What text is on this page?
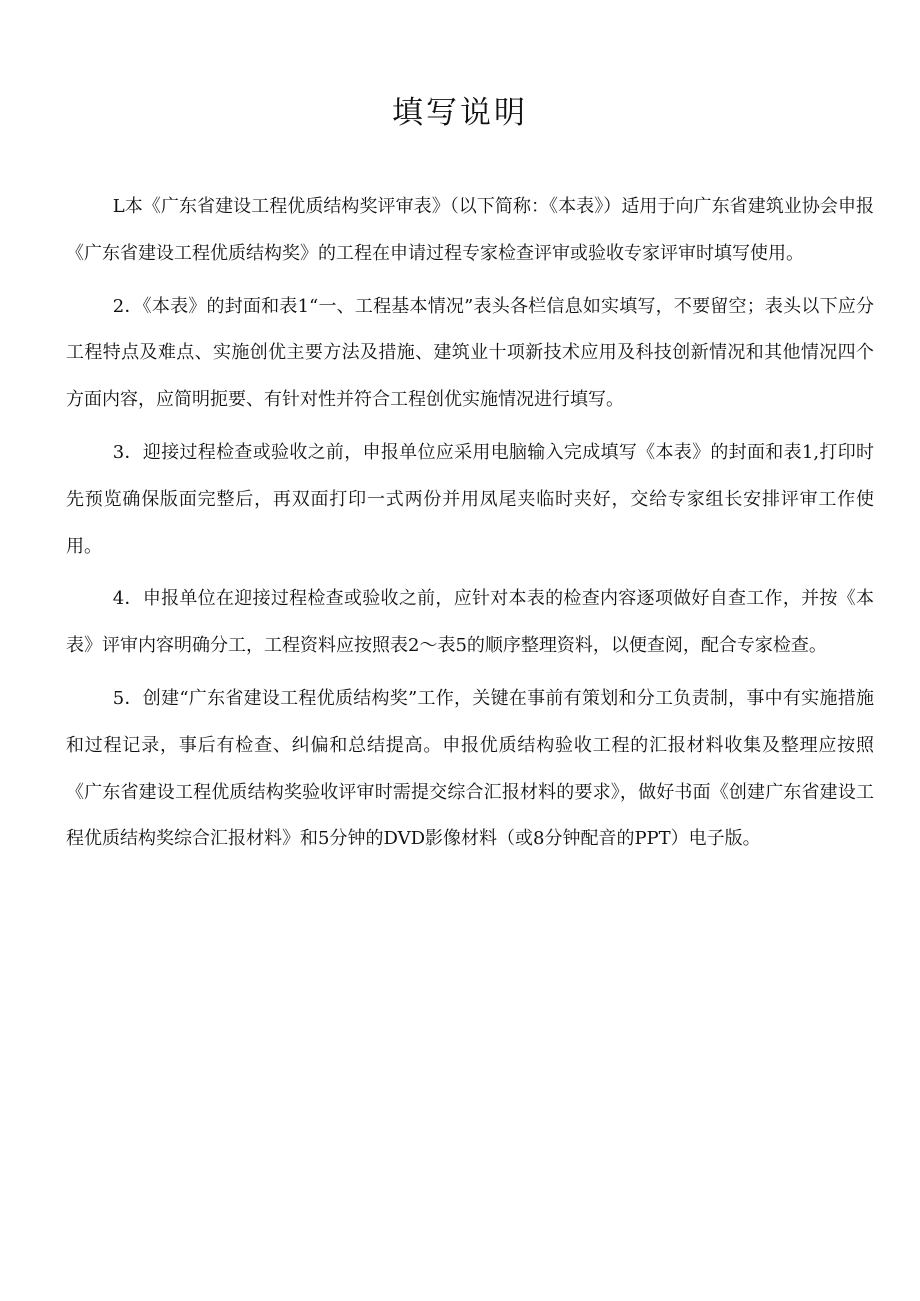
填写说明

L本《广东省建设工程优质结构奖评审表》（以下简称：《本表》）适用于向广东省建筑业协会申报《广东省建设工程优质结构奖》的工程在申请过程专家检查评审或验收专家评审时填写使用。

2．《本表》的封面和表1“一、工程基本情况”表头各栏信息如实填写，不要留空；表头以下应分工程特点及难点、实施创优主要方法及措施、建筑业十项新技术应用及科技创新情况和其他情况四个方面内容，应简明扼要、有针对性并符合工程创优实施情况进行填写。

3．迎接过程检查或验收之前，申报单位应采用电脑输入完成填写《本表》的封面和表1,打印时先预览确保版面完整后，再双面打印一式两份并用凤尾夹临时夹好，交给专家组长安排评审工作使用。

4．申报单位在迎接过程检查或验收之前，应针对本表的检查内容逐项做好自查工作，并按《本表》评审内容明确分工，工程资料应按照表2～表5的顺序整理资料，以便查阅，配合专家检查。

5．创建“广东省建设工程优质结构奖”工作，关键在事前有策划和分工负责制，事中有实施措施和过程记录，事后有检查、纠偏和总结提高。申报优质结构验收工程的汇报材料收集及整理应按照《广东省建设工程优质结构奖验收评审时需提交综合汇报材料的要求》，做好书面《创建广东省建设工程优质结构奖综合汇报材料》和5分钟的DVD影像材料（或8分钟配音的PPT）电子版。
